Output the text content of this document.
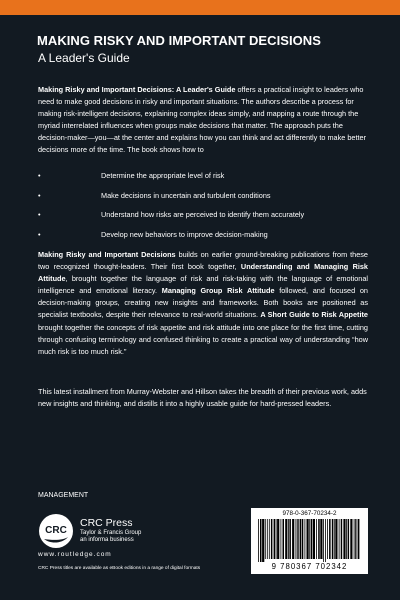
MAKING RISKY AND IMPORTANT DECISIONS
A Leader's Guide
Making Risky and Important Decisions: A Leader's Guide offers a practical insight to leaders who need to make good decisions in risky and important situations. The authors describe a process for making risk-intelligent decisions, explaining complex ideas simply, and mapping a route through the myriad interrelated influences when groups make decisions that matter. The approach puts the decision-maker—you—at the center and explains how you can think and act differently to make better decisions more of the time. The book shows how to
•	Determine the appropriate level of risk
•	Make decisions in uncertain and turbulent conditions
•	Understand how risks are perceived to identify them accurately
•	Develop new behaviors to improve decision-making
Making Risky and Important Decisions builds on earlier ground-breaking publications from these two recognized thought-leaders. Their first book together, Understanding and Managing Risk Attitude, brought together the language of risk and risk-taking with the language of emotional intelligence and emotional literacy. Managing Group Risk Attitude followed, and focused on decision-making groups, creating new insights and frameworks. Both books are positioned as specialist textbooks, despite their relevance to real-world situations. A Short Guide to Risk Appetite brought together the concepts of risk appetite and risk attitude into one place for the first time, cutting through confusing terminology and confused thinking to create a practical way of understanding “how much risk is too much risk.”
This latest installment from Murray-Webster and Hillson takes the breadth of their previous work, adds new insights and thinking, and distills it into a highly usable guide for hard-pressed leaders.
MANAGEMENT
CRC
CRC Press
Taylor & Francis Group
an informa business
www.routledge.com
CRC Press titles are available as eBook editions in a range of digital formats
978-0-367-70234-2
9 780367 702342
